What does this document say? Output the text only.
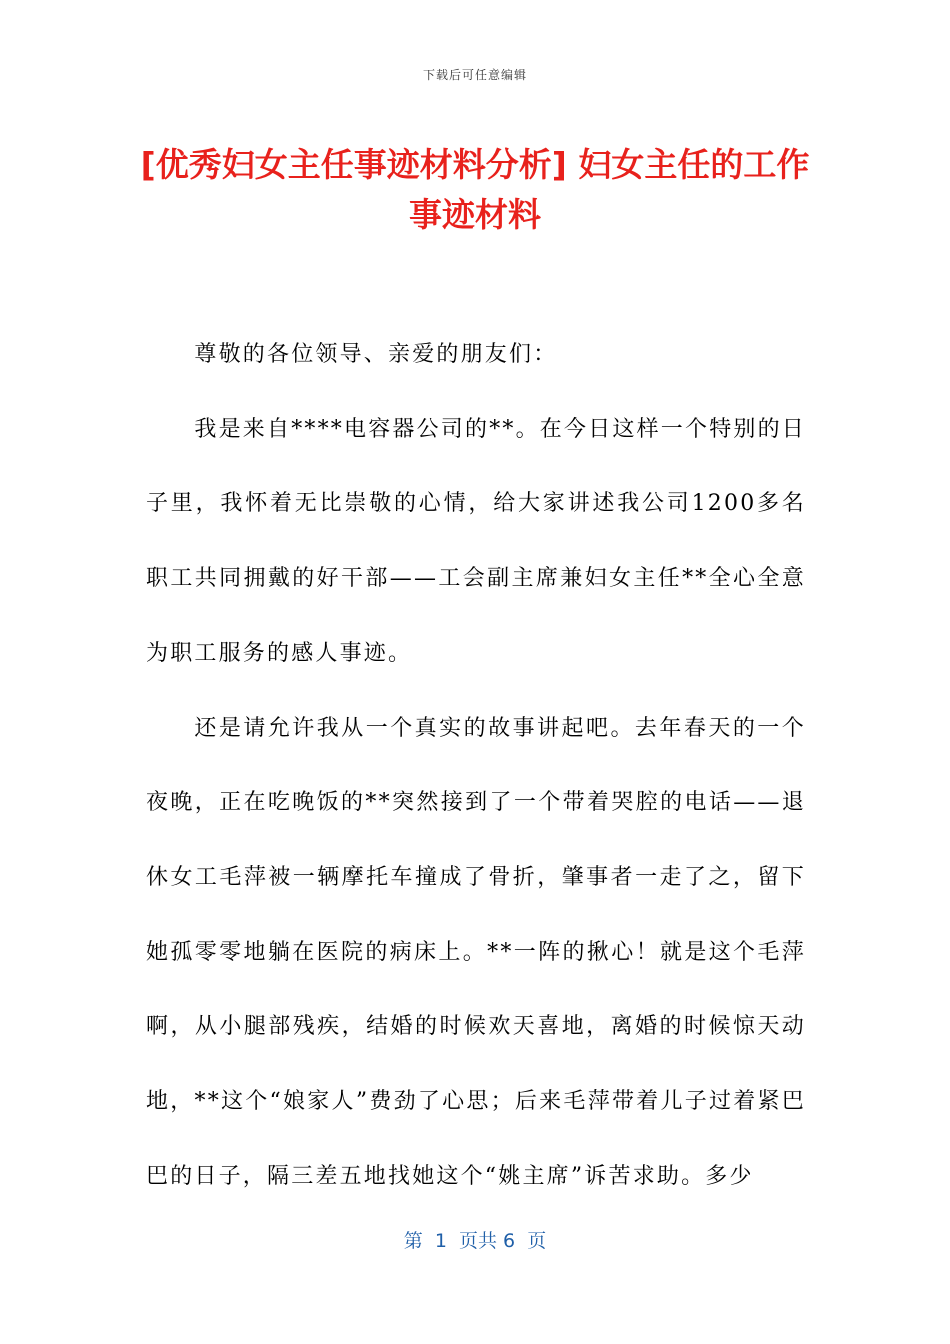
下载后可任意编辑
[优秀妇女主任事迹材料分析] 妇女主任的工作事迹材料

尊敬的各位领导、亲爱的朋友们：

我是来自****电容器公司的**。在今日这样一个特别的日子里，我怀着无比崇敬的心情，给大家讲述我公司1200多名职工共同拥戴的好干部——工会副主席兼妇女主任**全心全意为职工服务的感人事迹。

还是请允许我从一个真实的故事讲起吧。去年春天的一个夜晚，正在吃晚饭的**突然接到了一个带着哭腔的电话——退休女工毛萍被一辆摩托车撞成了骨折，肇事者一走了之，留下她孤零零地躺在医院的病床上。**一阵的揪心！就是这个毛萍啊，从小腿部残疾，结婚的时候欢天喜地，离婚的时候惊天动地，**这个“娘家人”费劲了心思；后来毛萍带着儿子过着紧巴巴的日子，隔三差五地找她这个“姚主席”诉苦求助。多少

第  1  页共 6  页
